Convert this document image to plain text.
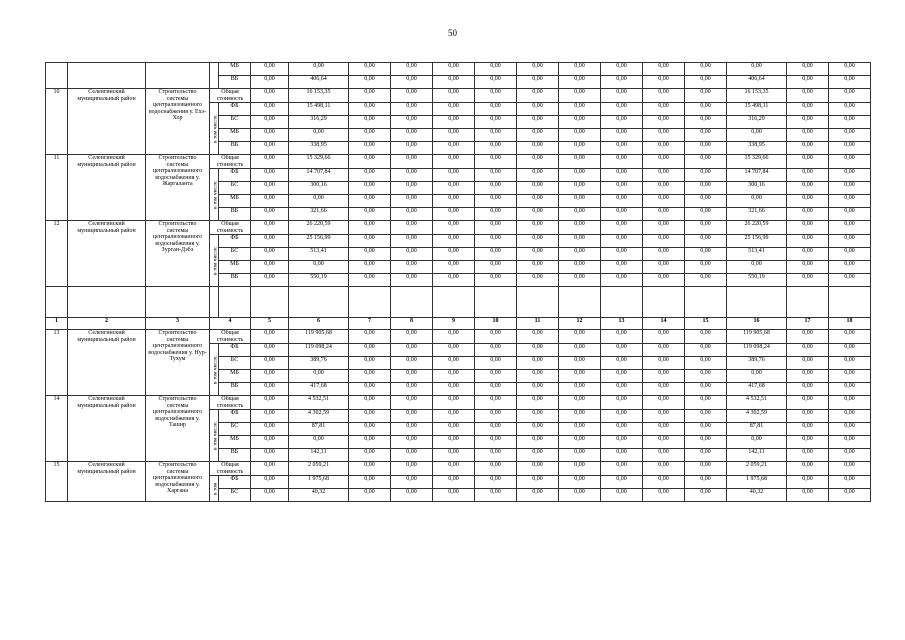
50
				МБ	0,00	0,00	0,00	0,00	0,00	0,00	0,00	0,00	0,00	0,00	0,00	0,00	0,00	0,00
				ВБ	0,00	406,64	0,00	0,00	0,00	0,00	0,00	0,00	0,00	0,00	0,00	406,64	0,00	0,00
10	Селенгинский муниципальный район	Строительство системы централизованного водоснабжения у. Ехэ-Хор	Общая стоимость		0,00	16 153,35	0,00	0,00	0,00	0,00	0,00	0,00	0,00	0,00	0,00	16 153,35	0,00	0,00
			в том числе:	ФБ	0,00	15 498,11	0,00	0,00	0,00	0,00	0,00	0,00	0,00	0,00	0,00	15 498,11	0,00	0,00
				БС	0,00	316,29	0,00	0,00	0,00	0,00	0,00	0,00	0,00	0,00	0,00	316,29	0,00	0,00
				МБ	0,00	0,00	0,00	0,00	0,00	0,00	0,00	0,00	0,00	0,00	0,00	0,00	0,00	0,00
				ВБ	0,00	338,95	0,00	0,00	0,00	0,00	0,00	0,00	0,00	0,00	0,00	338,95	0,00	0,00
11	Селенгинский муниципальный район	Строительство системы централизованного водоснабжения у. Жаргаланта	Общая стоимость		0,00	15 329,66	0,00	0,00	0,00	0,00	0,00	0,00	0,00	0,00	0,00	15 329,66	0,00	0,00
			в том числе:	ФБ	0,00	14 707,84	0,00	0,00	0,00	0,00	0,00	0,00	0,00	0,00	0,00	14 707,84	0,00	0,00
				БС	0,00	300,16	0,00	0,00	0,00	0,00	0,00	0,00	0,00	0,00	0,00	300,16	0,00	0,00
				МБ	0,00	0,00	0,00	0,00	0,00	0,00	0,00	0,00	0,00	0,00	0,00	0,00	0,00	0,00
				ВБ	0,00	321,66	0,00	0,00	0,00	0,00	0,00	0,00	0,00	0,00	0,00	321,66	0,00	0,00
12	Селенгинский муниципальный район	Строительство системы централизованного водоснабжения у. Зурган-Дэбэ	Общая стоимость		0,00	26 220,59	0,00	0,00	0,00	0,00	0,00	0,00	0,00	0,00	0,00	26 220,59	0,00	0,00
			в том числе:	ФБ	0,00	25 156,99	0,00	0,00	0,00	0,00	0,00	0,00	0,00	0,00	0,00	25 156,99	0,00	0,00
				БС	0,00	513,41	0,00	0,00	0,00	0,00	0,00	0,00	0,00	0,00	0,00	513,41	0,00	0,00
				МБ	0,00	0,00	0,00	0,00	0,00	0,00	0,00	0,00	0,00	0,00	0,00	0,00	0,00	0,00
				ВБ	0,00	550,19	0,00	0,00	0,00	0,00	0,00	0,00	0,00	0,00	0,00	550,19	0,00	0,00

1	2	3	4		5	6	7	8	9	10	11	12	13	14	15	16	17	18
13	Селенгинский муниципальный район	Строительство системы централизованного водоснабжения у. Нур-Тухум	Общая стоимость		0,00	119 905,68	0,00	0,00	0,00	0,00	0,00	0,00	0,00	0,00	0,00	119 905,68	0,00	0,00
			в том числе:	ФБ	0,00	119 098,24	0,00	0,00	0,00	0,00	0,00	0,00	0,00	0,00	0,00	119 098,24	0,00	0,00
				БС	0,00	389,76	0,00	0,00	0,00	0,00	0,00	0,00	0,00	0,00	0,00	389,76	0,00	0,00
				МБ	0,00	0,00	0,00	0,00	0,00	0,00	0,00	0,00	0,00	0,00	0,00	0,00	0,00	0,00
				ВБ	0,00	417,68	0,00	0,00	0,00	0,00	0,00	0,00	0,00	0,00	0,00	417,68	0,00	0,00
14	Селенгинский муниципальный район	Строительство системы централизованного водоснабжения у. Ташир	Общая стоимость		0,00	4 532,51	0,00	0,00	0,00	0,00	0,00	0,00	0,00	0,00	0,00	4 532,51	0,00	0,00
			в том числе:	ФБ	0,00	4 302,59	0,00	0,00	0,00	0,00	0,00	0,00	0,00	0,00	0,00	4 302,59	0,00	0,00
				БС	0,00	87,81	0,00	0,00	0,00	0,00	0,00	0,00	0,00	0,00	0,00	87,81	0,00	0,00
				МБ	0,00	0,00	0,00	0,00	0,00	0,00	0,00	0,00	0,00	0,00	0,00	0,00	0,00	0,00
				ВБ	0,00	142,11	0,00	0,00	0,00	0,00	0,00	0,00	0,00	0,00	0,00	142,11	0,00	0,00
15	Селенгинский муниципальный район	Строительство системы централизованного водоснабжения у. Харгана	Общая стоимость		0,00	2 059,21	0,00	0,00	0,00	0,00	0,00	0,00	0,00	0,00	0,00	2 059,21	0,00	0,00
			в том	ФБ	0,00	1 975,68	0,00	0,00	0,00	0,00	0,00	0,00	0,00	0,00	0,00	1 975,68	0,00	0,00
				БС	0,00	40,32	0,00	0,00	0,00	0,00	0,00	0,00	0,00	0,00	0,00	40,32	0,00	0,00
